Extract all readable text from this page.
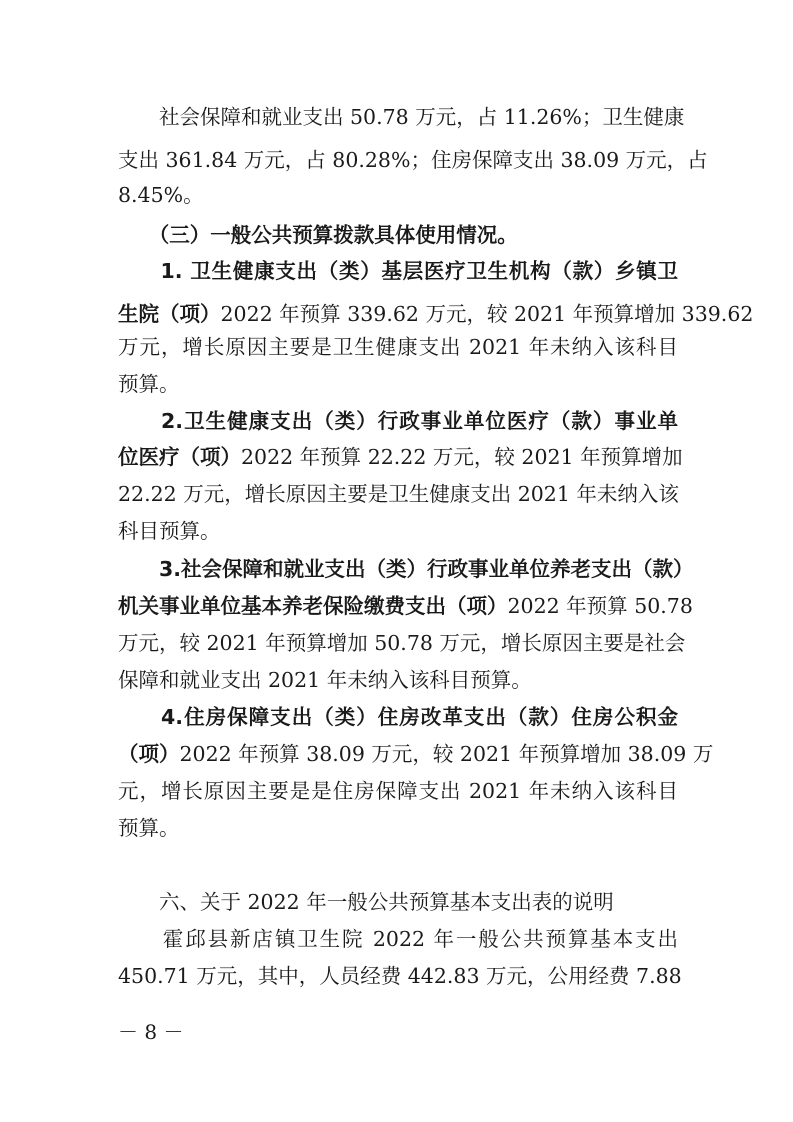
　　社会保障和就业支出 50.78 万元，占 11.26%；卫生健康
支出 361.84 万元，占 80.28%；住房保障支出 38.09 万元，占
8.45%。
　　（三）一般公共预算拨款具体使用情况。
　　1. 卫生健康支出（类）基层医疗卫生机构（款）乡镇卫
生院（项）2022 年预算 339.62 万元，较 2021 年预算增加 339.62
万元，增长原因主要是卫生健康支出 2021 年未纳入该科目
预算。
　　2.卫生健康支出（类）行政事业单位医疗（款）事业单
位医疗（项）2022 年预算 22.22 万元，较 2021 年预算增加
22.22 万元，增长原因主要是卫生健康支出 2021 年未纳入该
科目预算。
　　3.社会保障和就业支出（类）行政事业单位养老支出（款）
机关事业单位基本养老保险缴费支出（项）2022 年预算 50.78
万元，较 2021 年预算增加 50.78 万元，增长原因主要是社会
保障和就业支出 2021 年未纳入该科目预算。
　　4.住房保障支出（类）住房改革支出（款）住房公积金
（项）2022 年预算 38.09 万元，较 2021 年预算增加 38.09 万
元，增长原因主要是是住房保障支出 2021 年未纳入该科目
预算。
　　六、关于 2022 年一般公共预算基本支出表的说明
　　霍邱县新店镇卫生院 2022 年一般公共预算基本支出
450.71 万元，其中，人员经费 442.83 万元，公用经费 7.88
－ 8 －
